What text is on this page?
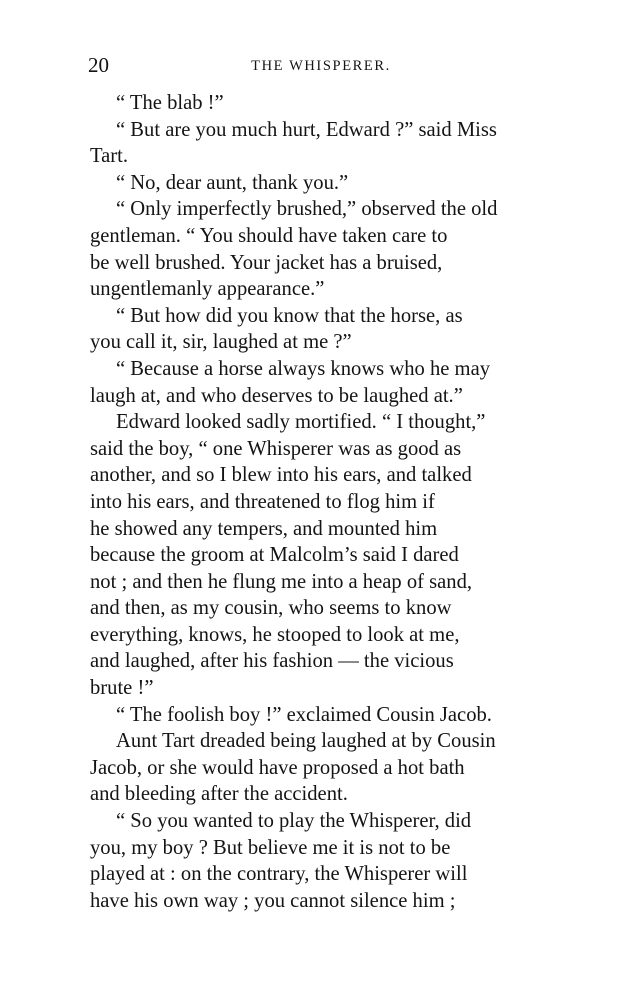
20	THE WHISPERER.

“ The blab !”

“ But are you much hurt, Edward ?” said Miss
Tart.

“ No, dear aunt, thank you.”

“ Only imperfectly brushed,” observed the old
gentleman. “ You should have taken care to
be well brushed. Your jacket has a bruised,
ungentlemanly appearance.”

“ But how did you know that the horse, as
you call it, sir, laughed at me ?”

“ Because a horse always knows who he may
laugh at, and who deserves to be laughed at.”

Edward looked sadly mortified. “ I thought,”
said the boy, “ one Whisperer was as good as
another, and so I blew into his ears, and talked
into his ears, and threatened to flog him if
he showed any tempers, and mounted him
because the groom at Malcolm’s said I dared
not ; and then he flung me into a heap of sand,
and then, as my cousin, who seems to know
everything, knows, he stooped to look at me,
and laughed, after his fashion — the vicious
brute !”

“ The foolish boy !” exclaimed Cousin Jacob.

Aunt Tart dreaded being laughed at by Cousin
Jacob, or she would have proposed a hot bath
and bleeding after the accident.

“ So you wanted to play the Whisperer, did
you, my boy ? But believe me it is not to be
played at : on the contrary, the Whisperer will
have his own way ; you cannot silence him ;
